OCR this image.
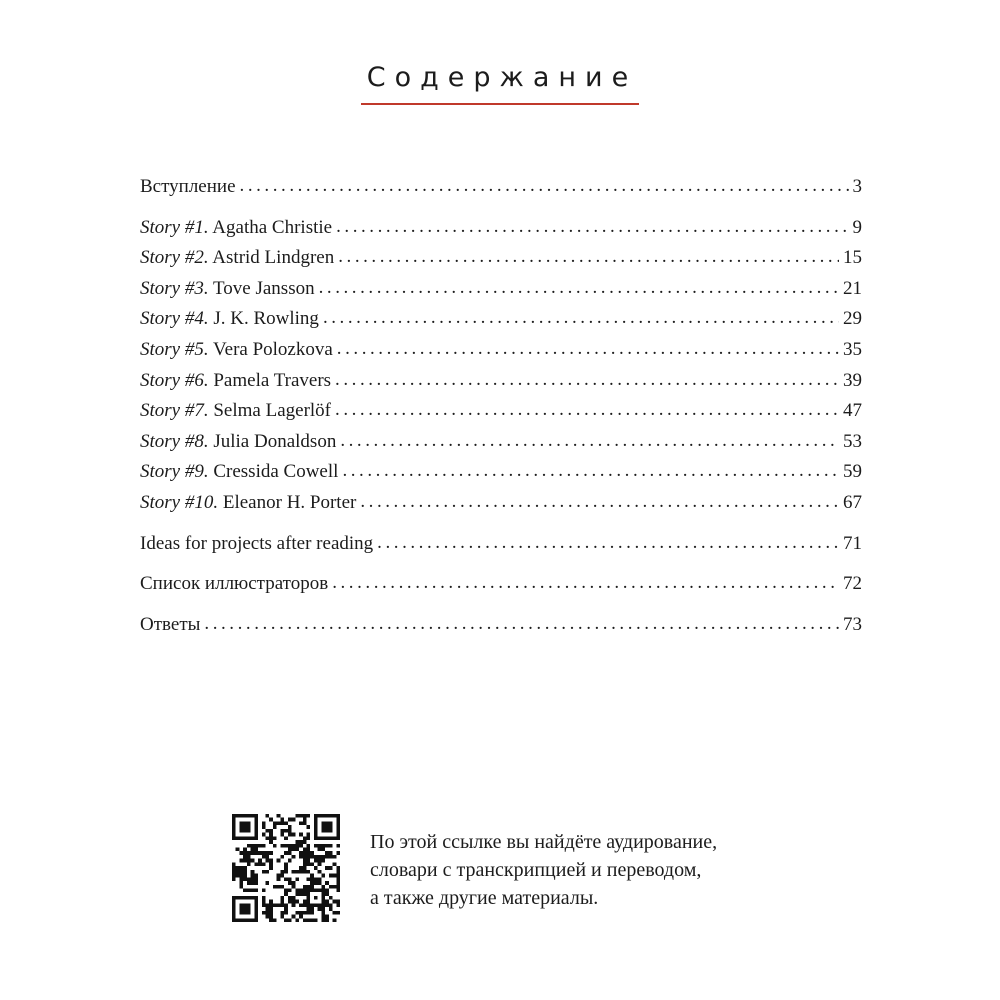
Содержание
Вступление . . .	3
Story #1. Agatha Christie . . .	9
Story #2. Astrid Lindgren . . .	15
Story #3. Tove Jansson . . .	21
Story #4. J. K. Rowling . . .	29
Story #5. Vera Polozkova . . .	35
Story #6. Pamela Travers . . .	39
Story #7. Selma Lagerlöf . . .	47
Story #8. Julia Donaldson . . .	53
Story #9. Cressida Cowell . . .	59
Story #10. Eleanor H. Porter . . .	67
Ideas for projects after reading . . .	71
Список иллюстраторов . . .	72
Ответы . . .	73
По этой ссылке вы найдёте аудирование,
словари с транскрипцией и переводом,
а также другие материалы.
